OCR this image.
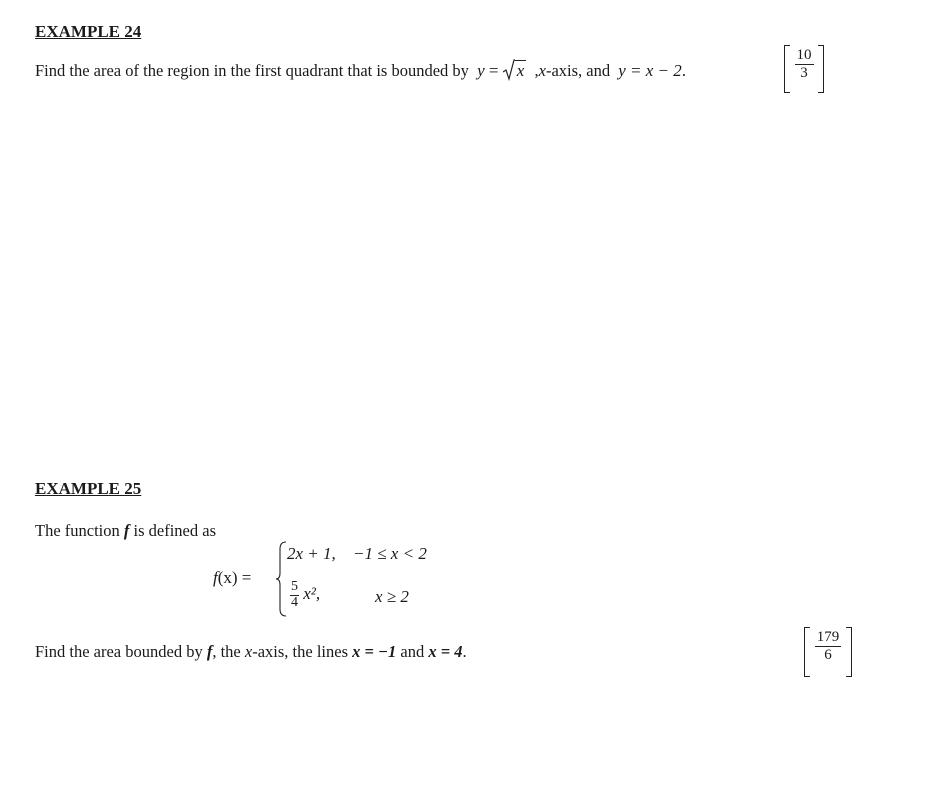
EXAMPLE 24
Find the area of the region in the first quadrant that is bounded by y = x ,x-axis, and y = x − 2.	$\frac{10}{3}$
EXAMPLE 25
The function f is defined as
f(x) =
2x + 1, −1 ≤ x < 2
$\frac{5}{4} x^2$,	x ≥ 2
Find the area bounded by f, the x-axis, the lines x = −1 and x = 4.	$\frac{179}{6}$
